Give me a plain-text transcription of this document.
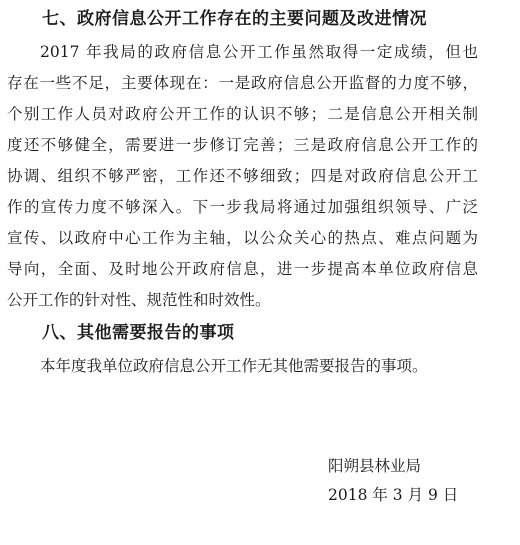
七、政府信息公开工作存在的主要问题及改进情况
2017 年我局的政府信息公开工作虽然取得一定成绩，但也
存在一些不足，主要体现在：一是政府信息公开监督的力度不够，
个别工作人员对政府公开工作的认识不够；二是信息公开相关制
度还不够健全，需要进一步修订完善；三是政府信息公开工作的
协调、组织不够严密，工作还不够细致；四是对政府信息公开工
作的宣传力度不够深入。下一步我局将通过加强组织领导、广泛
宣传、以政府中心工作为主轴，以公众关心的热点、难点问题为
导向，全面、及时地公开政府信息，进一步提高本单位政府信息
公开工作的针对性、规范性和时效性。
八、其他需要报告的事项
本年度我单位政府信息公开工作无其他需要报告的事项。
阳朔县林业局
2018 年 3 月 9 日
